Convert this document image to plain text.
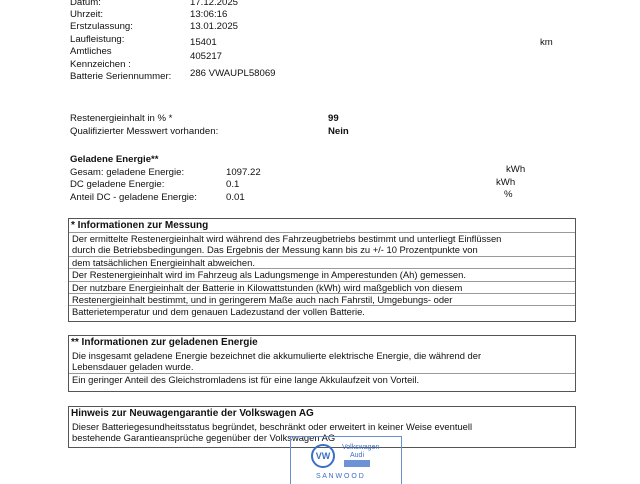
Datum:	17.12.2025
Uhrzeit:	13:06:16
Erstzulassung:	13.01.2025
Laufleistung:	15401	km
Amtliches	405217
Kennzeichen :
Batterie Seriennummer: 286 VWAUPL58069
Restenergieinhalt in % *	99
Qualifizierter Messwert vorhanden:	Nein
Geladene Energie**
Gesam: geladene Energie:	1097.22	kWh
DC geladene Energie:	0.1	kWh
Anteil DC - geladene Energie:	0.01	%
* Informationen zur Messung
Der ermittelte Restenergieinhalt wird während des Fahrzeugbetriebs bestimmt und unterliegt Einflüssen
durch die Betriebsbedingungen. Das Ergebnis der Messung kann bis zu +/- 10 Prozentpunkte von
dem tatsächlichen Energieinhalt abweichen.
Der Restenergieinhalt wird im Fahrzeug als Ladungsmenge in Amperestunden (Ah) gemessen.
Der nutzbare Energieinhalt der Batterie in Kilowattstunden (kWh) wird maßgeblich von diesem
Restenergieinhalt bestimmt, und in geringerem Maße auch nach Fahrstil, Umgebungs- oder
Batterietemperatur und dem genauen Ladezustand der vollen Batterie.
** Informationen zur geladenen Energie
Die insgesamt geladene Energie bezeichnet die akkumulierte elektrische Energie, die während der
Lebensdauer geladen wurde.
Ein geringer Anteil des Gleichstromladens ist für eine lange Akkulaufzeit von Vorteil.
Hinweis zur Neuwagengarantie der Volkswagen AG
Dieser Batteriegesundheitsstatus begründet, beschränkt oder erweitert in keiner Weise eventuell
bestehende Garantieansprüche gegenüber der Volkswagen AG
VW
Volkswagen
Audi
S A N W O O D
